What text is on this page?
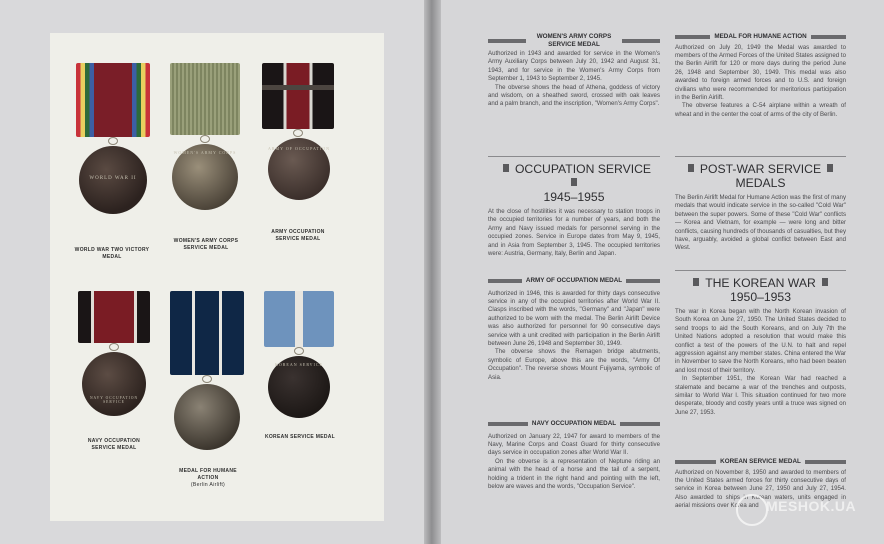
WORLD WAR II
WOMEN'S ARMY CORPS
ARMY OF OCCUPATION
NAVY OCCUPATION SERVICE
KOREAN SERVICE
WORLD WAR TWO VICTORY MEDAL
WOMEN'S ARMY CORPS SERVICE MEDAL
ARMY OCCUPATION SERVICE MEDAL
NAVY OCCUPATION SERVICE MEDAL
MEDAL FOR HUMANE ACTION
(Berlin Airlift)
KOREAN SERVICE MEDAL
WOMEN'S ARMY CORPS SERVICE MEDAL

Authorized in 1943 and awarded for service in the Women's Army Auxiliary Corps between July 20, 1942 and August 31, 1943, and for service in the Women's Army Corps from September 1, 1943 to September 2, 1945.

The obverse shows the head of Athena, goddess of victory and wisdom, on a sheathed sword, crossed with oak leaves and a palm branch, and the inscription, "Women's Army Corps".

OCCUPATION SERVICE
1945–1955

At the close of hostilities it was necessary to station troops in the occupied territories for a number of years, and both the Army and Navy issued medals for personnel serving in the occupied zones. Service in Europe dates from May 9, 1945, and in Asia from September 3, 1945. The occupied territories were: Austria, Germany, Italy, Berlin and Japan.

ARMY OF OCCUPATION MEDAL

Authorized in 1946, this is awarded for thirty days consecutive service in any of the occupied territories after World War II. Clasps inscribed with the words, "Germany" and "Japan" were authorized to be worn with the medal. The Berlin Airlift Device was also authorized for personnel for 90 consecutive days service with a unit credited with participation in the Berlin Airlift between June 26, 1948 and September 30, 1949.

The obverse shows the Remagen bridge abutments, symbolic of Europe, above this are the words, "Army Of Occupation". The reverse shows Mount Fujiyama, symbolic of Asia.

NAVY OCCUPATION MEDAL

Authorized on January 22, 1947 for award to members of the Navy, Marine Corps and Coast Guard for thirty consecutive days service in occupation zones after World War II.

On the obverse is a representation of Neptune riding an animal with the head of a horse and the tail of a serpent, holding a trident in the right hand and pointing with the left, below are waves and the words, "Occupation Service".

MEDAL FOR HUMANE ACTION

Authorized on July 20, 1949 the Medal was awarded to members of the Armed Forces of the United States assigned to the Berlin Airlift for 120 or more days during the period June 26, 1948 and September 30, 1949. This medal was also awarded to foreign armed forces and to U.S. and foreign civilians who were recommended for meritorious participation in the Berlin Airlift.

The obverse features a C-54 airplane within a wreath of wheat and in the center the coat of arms of the city of Berlin.

POST-WAR SERVICE
MEDALS

The Berlin Airlift Medal for Humane Action was the first of many medals that would indicate service in the so-called "Cold War" between the super powers. Some of these "Cold War" conflicts — Korea and Vietnam, for example — were long and bitter conflicts, causing hundreds of thousands of casualties, but they have, arguably, avoided a global conflict between East and West.

THE KOREAN WAR
1950–1953

The war in Korea began with the North Korean invasion of South Korea on June 27, 1950. The United States decided to send troops to aid the South Koreans, and on July 7th the United Nations adopted a resolution that would make this conflict a test of the powers of the U.N. to halt and repel aggression against any member states. China entered the War in November to save the North Koreans, who had been beaten and lost most of their territory.

In September 1951, the Korean War had reached a stalemate and became a war of the trenches and outposts, similar to World War I. This situation continued for two more desperate, bloody and costly years until a truce was signed on June 27, 1953.

KOREAN SERVICE MEDAL

Authorized on November 8, 1950 and awarded to members of the United States armed forces for thirty consecutive days of service in Korea between June 27, 1950 and July 27, 1954. Also awarded to ships in Korean waters, units engaged in aerial missions over Korea and MESHOK.UA
